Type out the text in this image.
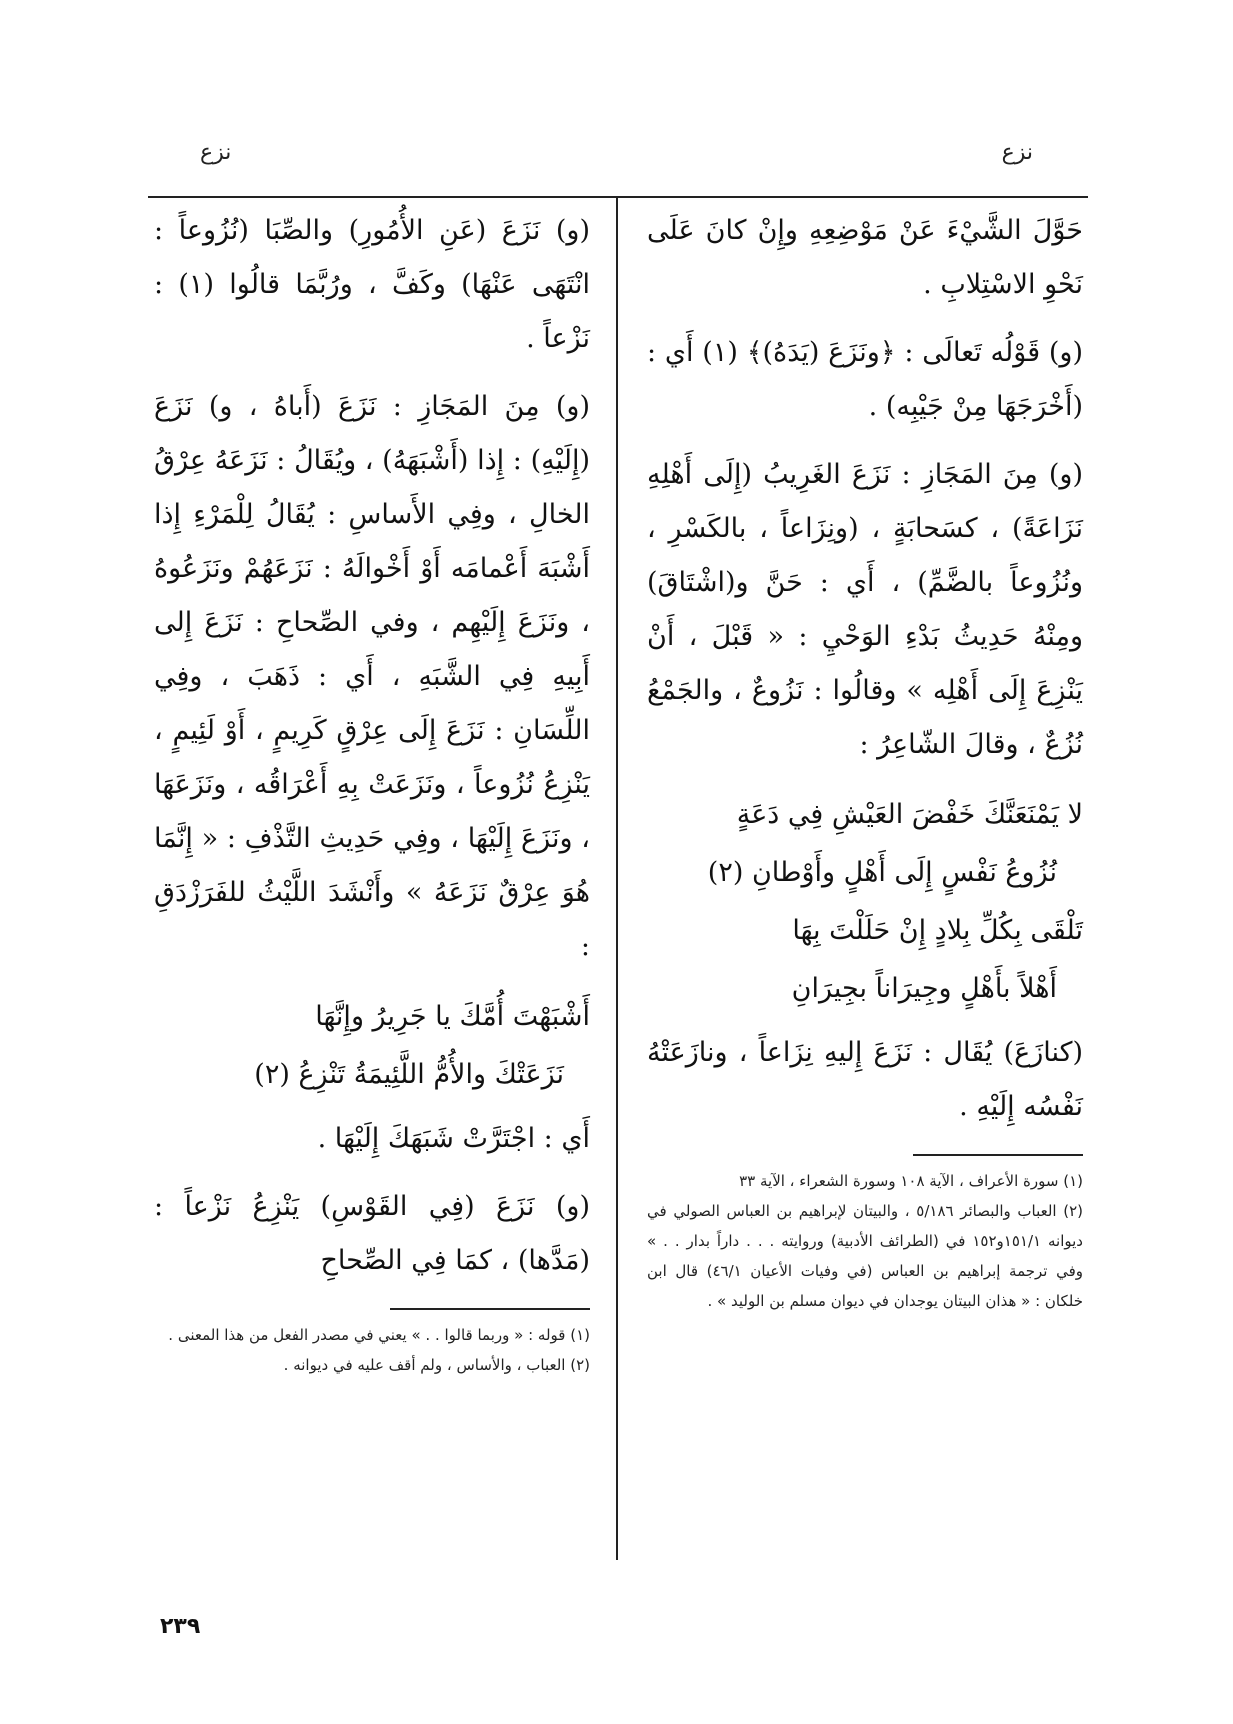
نزع
نزع

حَوَّلَ الشَّيْءَ عَنْ مَوْضِعِهِ وإِنْ كانَ عَلَى نَحْوِ الاسْتِلابِ .

(و) قَوْلُه تَعالَى : ﴿ونَزَعَ (يَدَهُ)﴾ (١) أَي : (أَخْرَجَهَا مِنْ جَيْبِه) .

(و) مِنَ المَجَازِ : نَزَعَ الغَرِيبُ (إِلَى أَهْلِهِ نَزَاعَةً) ، كسَحابَةٍ ، (ونِزَاعاً ، بالكَسْرِ ، ونُزُوعاً بالضَّمِّ) ، أَي : حَنَّ و(اشْتَاقَ) ومِنْهُ حَدِيثُ بَدْءِ الوَحْيِ : « قَبْلَ ، أَنْ يَنْزِعَ إِلَى أَهْلِه » وقالُوا : نَزُوعٌ ، والجَمْعُ نُزُعٌ ، وقالَ الشّاعِرُ :

لا يَمْنَعَنَّكَ خَفْضَ العَيْشِ فِي دَعَةٍ
نُزُوعُ نَفْسٍ إِلَى أَهْلٍ وأَوْطانِ (٢)
تَلْقَى بِكُلِّ بِلادٍ إِنْ حَلَلْتَ بِهَا
أَهْلاً بأَهْلٍ وجِيرَاناً بجِيرَانِ

(كنازَعَ) يُقَال : نَزَعَ إِليهِ نِزَاعاً ، ونازَعَتْهُ نَفْسُه إِلَيْهِ .

(١) سورة الأعراف ، الآية ١٠٨ وسورة الشعراء ، الآية ٣٣

(٢) العباب والبصائر ٥/١٨٦ ، والبيتان لإبراهيم بن العباس الصولي في ديوانه ١٥١/١و١٥٢ في (الطرائف الأدبية) وروايته . . . داراً بدار . . » وفي ترجمة إبراهيم بن العباس (في وفيات الأعيان ٤٦/١) قال ابن خلكان : « هذان البيتان يوجدان في ديوان مسلم بن الوليد » .

(و) نَزَعَ (عَنِ الأُمُورِ) والصِّبَا (نُزُوعاً : انْتَهَى عَنْهَا) وكَفَّ ، ورُبَّمَا قالُوا (١) : نَزْعاً .

(و) مِنَ المَجَازِ : نَزَعَ (أَباهُ ، و) نَزَعَ (إِلَيْهِ) : إِذا (أَشْبَهَهُ) ، ويُقَالُ : نَزَعَهُ عِرْقُ الخالِ ، وفِي الأَساسِ : يُقَالُ لِلْمَرْءِ إِذا أَشْبَهَ أَعْمامَه أَوْ أَخْوالَهُ : نَزَعَهُمْ ونَزَعُوهُ ، ونَزَعَ إِلَيْهِم ، وفي الصِّحاحِ : نَزَعَ إِلى أَبِيهِ فِي الشَّبَهِ ، أَي : ذَهَبَ ، وفِي اللِّسَانِ : نَزَعَ إِلَى عِرْقٍ كَرِيمٍ ، أَوْ لَئِيمٍ ، يَنْزِعُ نُزُوعاً ، ونَزَعَتْ بِهِ أَعْرَاقُه ، ونَزَعَهَا ، ونَزَعَ إِلَيْهَا ، وفِي حَدِيثِ التَّذْفِ : « إِنَّمَا هُوَ عِرْقٌ نَزَعَهُ » وأَنْشَدَ اللَّيْثُ للفَرَزْدَقِ :

أَشْبَهْتَ أُمَّكَ يا جَرِيرُ وإِنَّهَا
نَزَعَتْكَ والأُمُّ اللَّئِيمَةُ تَنْزِعُ (٢)

أَي : اجْتَرَّتْ شَبَهَكَ إِلَيْهَا .

(و) نَزَعَ (فِي القَوْسِ) يَنْزِعُ نَزْعاً : (مَدَّها) ، كمَا فِي الصِّحاحِ

(١) قوله : « وربما قالوا . . » يعني في مصدر الفعل من هذا المعنى .

(٢) العباب ، والأساس ، ولم أقف عليه في ديوانه .

٢٣٩
